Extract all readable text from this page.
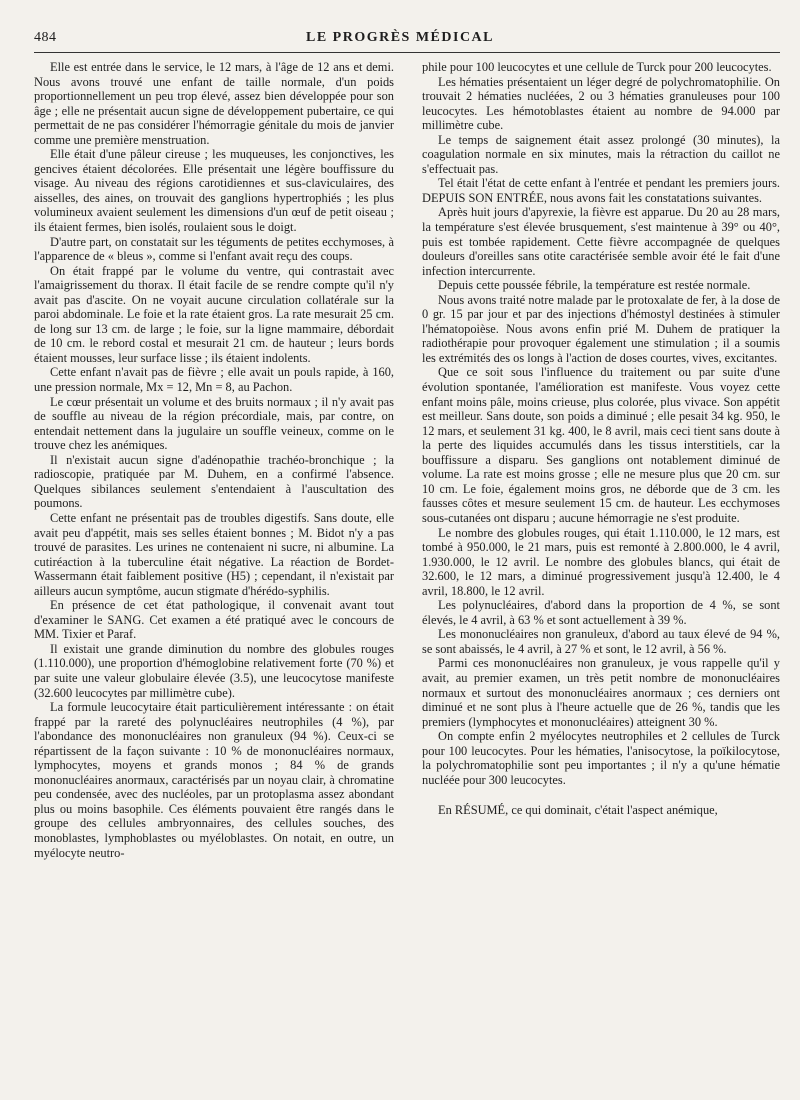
484	LE PROGRÈS MÉDICAL

Elle est entrée dans le service, le 12 mars, à l'âge de 12 ans et demi. Nous avons trouvé une enfant de taille normale, d'un poids proportionnellement un peu trop élevé, assez bien développée pour son âge ; elle ne présentait aucun signe de développement pubertaire, ce qui permettait de ne pas considérer l'hémorragie génitale du mois de janvier comme une première menstruation.

Elle était d'une pâleur cireuse ; les muqueuses, les conjonctives, les gencives étaient décolorées. Elle présentait une légère bouffissure du visage. Au niveau des régions carotidiennes et sus-claviculaires, des aisselles, des aines, on trouvait des ganglions hypertrophiés ; les plus volumineux avaient seulement les dimensions d'un œuf de petit oiseau ; ils étaient fermes, bien isolés, roulaient sous le doigt.

D'autre part, on constatait sur les téguments de petites ecchymoses, à l'apparence de « bleus », comme si l'enfant avait reçu des coups.

On était frappé par le volume du ventre, qui contrastait avec l'amaigrissement du thorax. Il était facile de se rendre compte qu'il n'y avait pas d'ascite. On ne voyait aucune circulation collatérale sur la paroi abdominale. Le foie et la rate étaient gros. La rate mesurait 25 cm. de long sur 13 cm. de large ; le foie, sur la ligne mammaire, débordait de 10 cm. le rebord costal et mesurait 21 cm. de hauteur ; leurs bords étaient mousses, leur surface lisse ; ils étaient indolents.

Cette enfant n'avait pas de fièvre ; elle avait un pouls rapide, à 160, une pression normale, Mx = 12, Mn = 8, au Pachon.

Le cœur présentait un volume et des bruits normaux ; il n'y avait pas de souffle au niveau de la région précordiale, mais, par contre, on entendait nettement dans la jugulaire un souffle veineux, comme on le trouve chez les anémiques.

Il n'existait aucun signe d'adénopathie trachéo-bronchique ; la radioscopie, pratiquée par M. Duhem, en a confirmé l'absence. Quelques sibilances seulement s'entendaient à l'auscultation des poumons.

Cette enfant ne présentait pas de troubles digestifs. Sans doute, elle avait peu d'appétit, mais ses selles étaient bonnes ; M. Bidot n'y a pas trouvé de parasites. Les urines ne contenaient ni sucre, ni albumine. La cutiréaction à la tuberculine était négative. La réaction de Bordet-Wassermann était faiblement positive (H5) ; cependant, il n'existait par ailleurs aucun symptôme, aucun stigmate d'hérédo-syphilis.

En présence de cet état pathologique, il convenait avant tout d'examiner le SANG. Cet examen a été pratiqué avec le concours de MM. Tixier et Paraf.

Il existait une grande diminution du nombre des globules rouges (1.110.000), une proportion d'hémoglobine relativement forte (70 %) et par suite une valeur globulaire élevée (3.5), une leucocytose manifeste (32.600 leucocytes par millimètre cube).

La formule leucocytaire était particulièrement intéressante : on était frappé par la rareté des polynucléaires neutrophiles (4 %), par l'abondance des mononucléaires non granuleux (94 %). Ceux-ci se répartissent de la façon suivante : 10 % de mononucléaires normaux, lymphocytes, moyens et grands monos ; 84 % de grands mononucléaires anormaux, caractérisés par un noyau clair, à chromatine peu condensée, avec des nucléoles, par un protoplasma assez abondant plus ou moins basophile. Ces éléments pouvaient être rangés dans le groupe des cellules ambryonnaires, des cellules souches, des monoblastes, lymphoblastes ou myéloblastes. On notait, en outre, un myélocyte neutro-

phile pour 100 leucocytes et une cellule de Turck pour 200 leucocytes.

Les hématies présentaient un léger degré de polychromatophilie. On trouvait 2 hématies nucléées, 2 ou 3 hématies granuleuses pour 100 leucocytes. Les hémotoblastes étaient au nombre de 94.000 par millimètre cube.

Le temps de saignement était assez prolongé (30 minutes), la coagulation normale en six minutes, mais la rétraction du caillot ne s'effectuait pas.

Tel était l'état de cette enfant à l'entrée et pendant les premiers jours. DEPUIS SON ENTRÉE, nous avons fait les constatations suivantes.

Après huit jours d'apyrexie, la fièvre est apparue. Du 20 au 28 mars, la température s'est élevée brusquement, s'est maintenue à 39° ou 40°, puis est tombée rapidement. Cette fièvre accompagnée de quelques douleurs d'oreilles sans otite caractérisée semble avoir été le fait d'une infection intercurrente.

Depuis cette poussée fébrile, la température est restée normale.

Nous avons traité notre malade par le protoxalate de fer, à la dose de 0 gr. 15 par jour et par des injections d'hémostyl destinées à stimuler l'hématopoièse. Nous avons enfin prié M. Duhem de pratiquer la radiothérapie pour provoquer également une stimulation ; il a soumis les extrémités des os longs à l'action de doses courtes, vives, excitantes.

Que ce soit sous l'influence du traitement ou par suite d'une évolution spontanée, l'amélioration est manifeste. Vous voyez cette enfant moins pâle, moins crieuse, plus colorée, plus vivace. Son appétit est meilleur. Sans doute, son poids a diminué ; elle pesait 34 kg. 950, le 12 mars, et seulement 31 kg. 400, le 8 avril, mais ceci tient sans doute à la perte des liquides accumulés dans les tissus interstitiels, car la bouffissure a disparu. Ses ganglions ont notablement diminué de volume. La rate est moins grosse ; elle ne mesure plus que 20 cm. sur 10 cm. Le foie, également moins gros, ne déborde que de 3 cm. les fausses côtes et mesure seulement 15 cm. de hauteur. Les ecchymoses sous-cutanées ont disparu ; aucune hémorragie ne s'est produite.

Le nombre des globules rouges, qui était 1.110.000, le 12 mars, est tombé à 950.000, le 21 mars, puis est remonté à 2.800.000, le 4 avril, 1.930.000, le 12 avril. Le nombre des globules blancs, qui était de 32.600, le 12 mars, a diminué progressivement jusqu'à 12.400, le 4 avril, 18.800, le 12 avril.

Les polynucléaires, d'abord dans la proportion de 4 %, se sont élevés, le 4 avril, à 63 % et sont actuellement à 39 %.

Les mononucléaires non granuleux, d'abord au taux élevé de 94 %, se sont abaissés, le 4 avril, à 27 % et sont, le 12 avril, à 56 %.

Parmi ces mononucléaires non granuleux, je vous rappelle qu'il y avait, au premier examen, un très petit nombre de mononucléaires normaux et surtout des mononucléaires anormaux ; ces derniers ont diminué et ne sont plus à l'heure actuelle que de 26 %, tandis que les premiers (lymphocytes et mononucléaires) atteignent 30 %.

On compte enfin 2 myélocytes neutrophiles et 2 cellules de Turck pour 100 leucocytes. Pour les hématies, l'anisocytose, la poïkilocytose, la polychromatophilie sont peu importantes ; il n'y a qu'une hématie nucléée pour 300 leucocytes.

En RÉSUMÉ, ce qui dominait, c'était l'aspect anémique,
